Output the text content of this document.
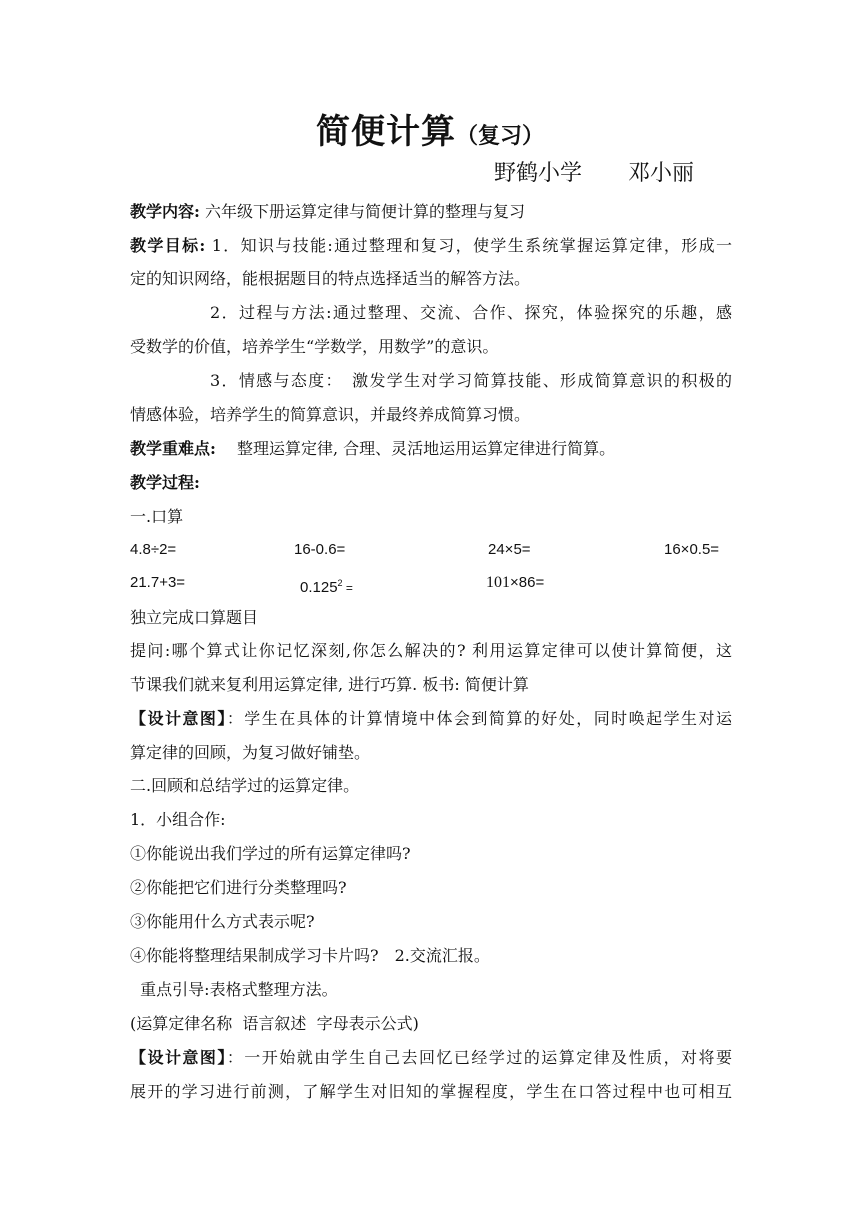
简便计算（复习）
野鹤小学 邓小丽
教学内容: 六年级下册运算定律与简便计算的整理与复习
教学目标: 1．知识与技能:通过整理和复习，使学生系统掌握运算定律，形成一
定的知识网络，能根据题目的特点选择适当的解答方法。
2．过程与方法:通过整理、交流、合作、探究，体验探究的乐趣，感
受数学的价值，培养学生“学数学，用数学”的意识。
3．情感与态度：　激发学生对学习简算技能、形成简算意识的积极的
情感体验，培养学生的简算意识，并最终养成简算习惯。
教学重难点:　 整理运算定律, 合理、灵活地运用运算定律进行简算。
教学过程:
一.口算
4.8÷2=	16-0.6=	24×5=	16×0.5=
21.7+3=	$0.125^2$ =	101×86=
独立完成口算题目
提问:哪个算式让你记忆深刻,你怎么解决的? 利用运算定律可以使计算简便，这
节课我们就来复利用运算定律, 进行巧算. 板书: 简便计算
【设计意图】：学生在具体的计算情境中体会到简算的好处，同时唤起学生对运
算定律的回顾，为复习做好铺垫。
二.回顾和总结学过的运算定律。
1．小组合作:
①你能说出我们学过的所有运算定律吗?
②你能把它们进行分类整理吗?
③你能用什么方式表示呢?
④你能将整理结果制成学习卡片吗?　2.交流汇报。
重点引导:表格式整理方法。
(运算定律名称  语言叙述  字母表示公式)
【设计意图】：一开始就由学生自己去回忆已经学过的运算定律及性质，对将要
展开的学习进行前测，了解学生对旧知的掌握程度，学生在口答过程中也可相互
